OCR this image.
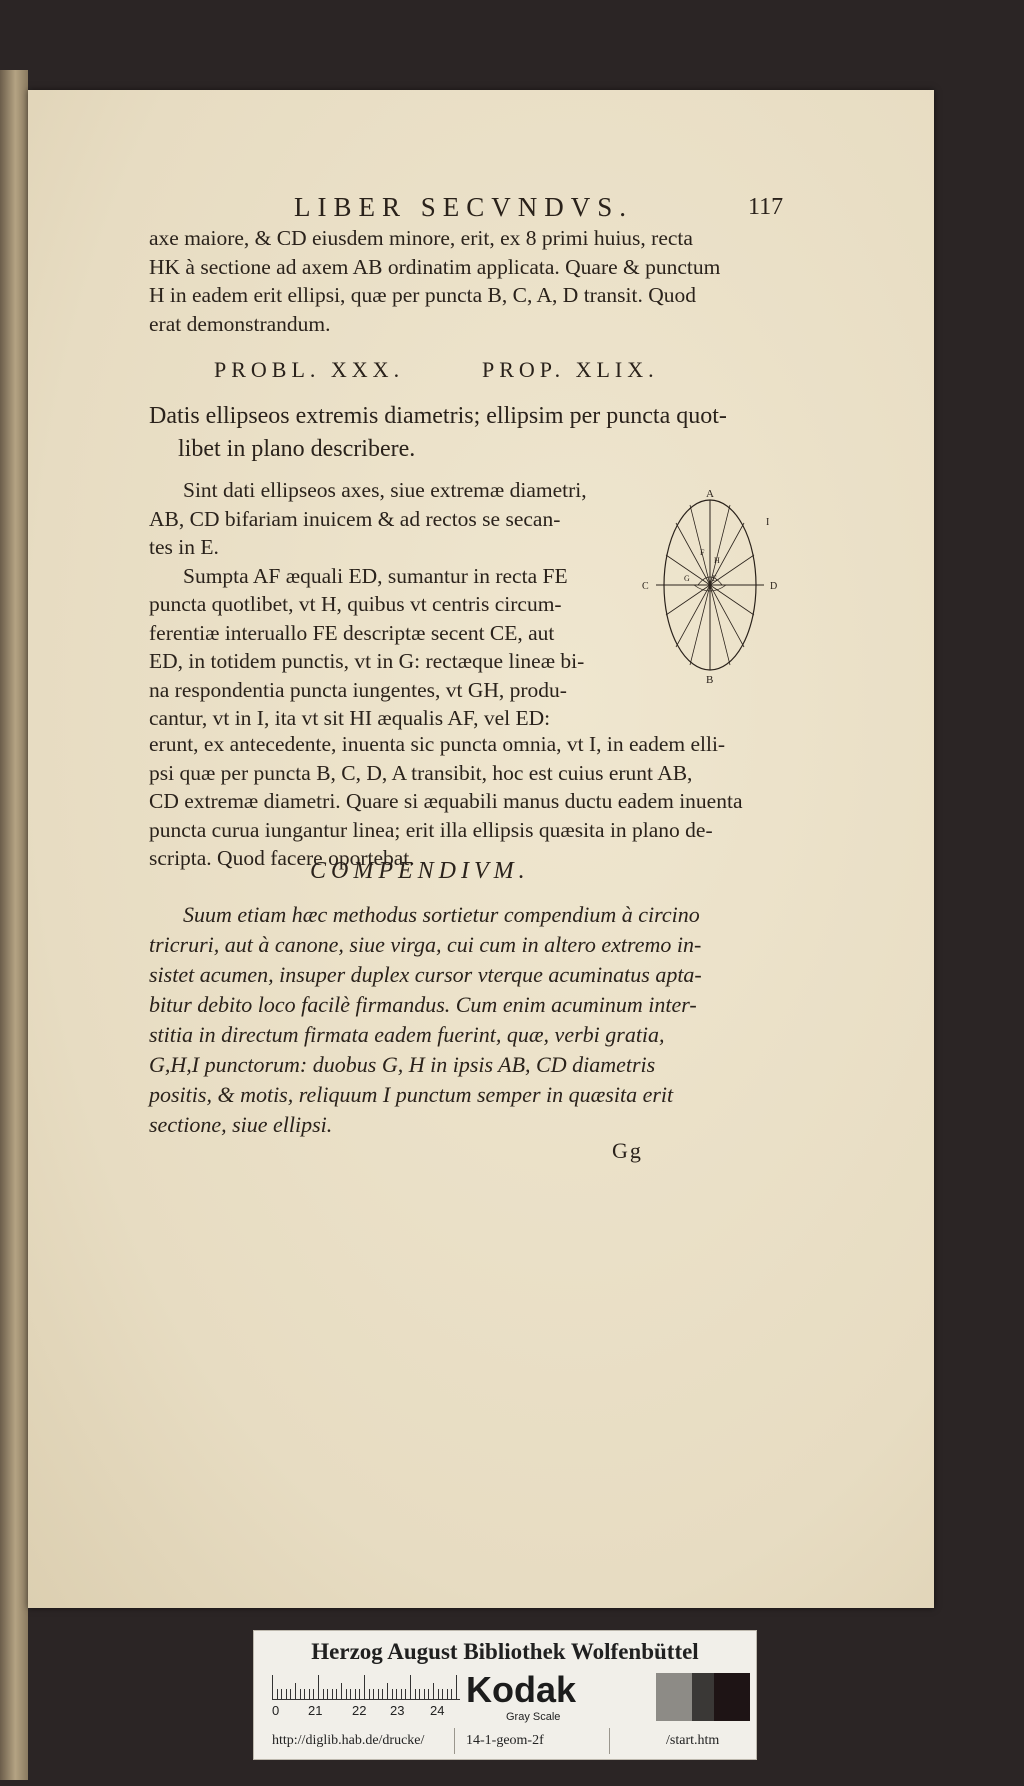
LIBER SECVNDVS.	117
axe maiore, & CD eiusdem minore, erit, ex 8 primi huius, recta
HK à sectione ad axem AB ordinatim applicata. Quare & punctum
H in eadem erit ellipsi, quæ per puncta B, C, A, D transit. Quod
erat demonstrandum.
PROBL. XXX.	PROP. XLIX.
Datis ellipseos extremis diametris; ellipsim per puncta quot-
libet in plano describere.
Sint dati ellipseos axes, siue extremæ diametri,
AB, CD bifariam inuicem & ad rectos se secan-
tes in E.
Sumpta AF æquali ED, sumantur in recta FE
puncta quotlibet, vt H, quibus vt centris circum-
ferentiæ interuallo FE descriptæ secent CE, aut
ED, in totidem punctis, vt in G: rectæque lineæ bi-
na respondentia puncta iungentes, vt GH, produ-
cantur, vt in I, ita vt sit HI æqualis AF, vel ED:
A
B
C	D
E
F
G
H
I
erunt, ex antecedente, inuenta sic puncta omnia, vt I, in eadem elli-
psi quæ per puncta B, C, D, A transibit, hoc est cuius erunt AB,
CD extremæ diametri. Quare si æquabili manus ductu eadem inuenta
puncta curua iungantur linea; erit illa ellipsis quæsita in plano de-
scripta. Quod facere oportebat.
COMPENDIVM.
Suum etiam hæc methodus sortietur compendium à circino
tricruri, aut à canone, siue virga, cui cum in altero extremo in-
sistet acumen, insuper duplex cursor vterque acuminatus apta-
bitur debito loco facilè firmandus. Cum enim acuminum inter-
stitia in directum firmata eadem fuerint, quæ, verbi gratia,
G,H,I punctorum: duobus G, H in ipsis AB, CD diametris
positis, & motis, reliquum I punctum semper in quæsita erit
sectione, siue ellipsi.
Gg
Herzog August Bibliothek Wolfenbüttel
0 21 22 23 24
Kodak
Gray Scale
http://diglib.hab.de/drucke/	14-1-geom-2f	/start.htm
